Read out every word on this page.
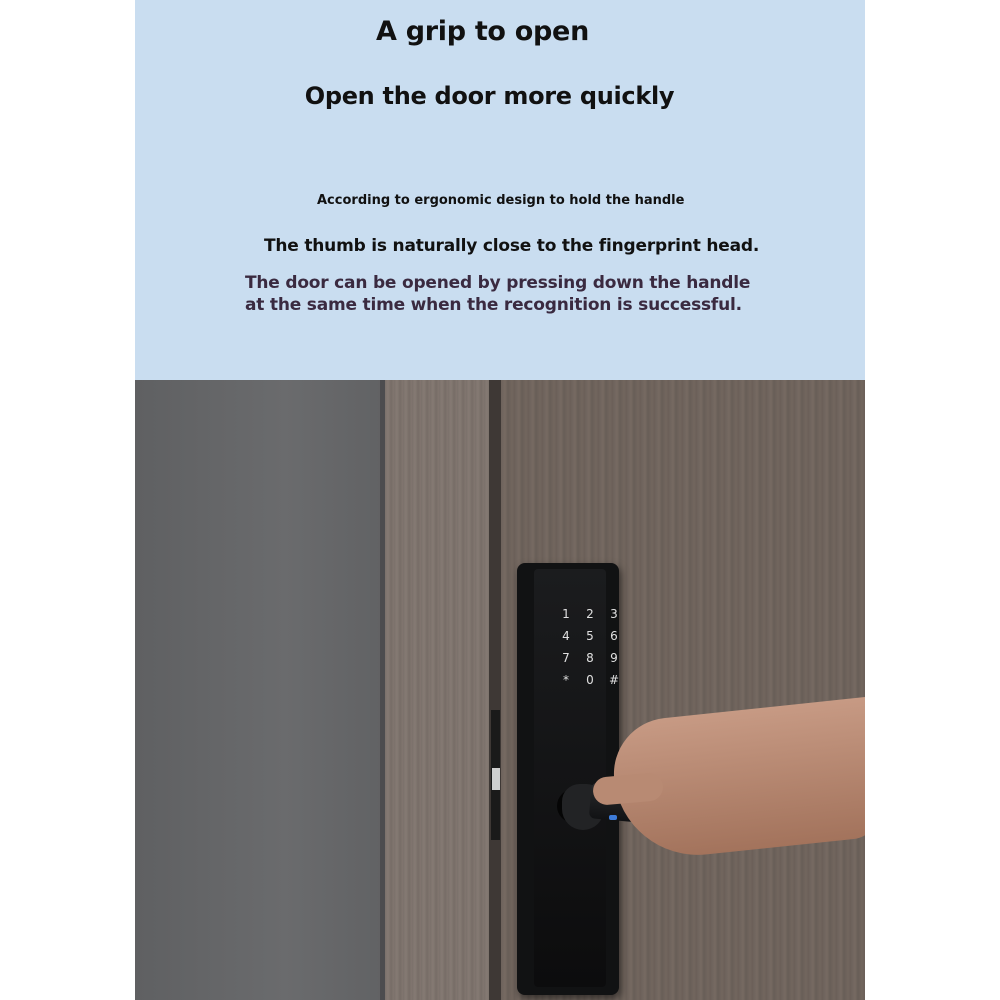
A grip to open
Open the door more quickly
According to ergonomic design to hold the handle
The thumb is naturally close to the fingerprint head.
The door can be opened by pressing down the handle at the same time when the recognition is successful.
1	2	3
4	5	6
7	8	9
*	0	#
